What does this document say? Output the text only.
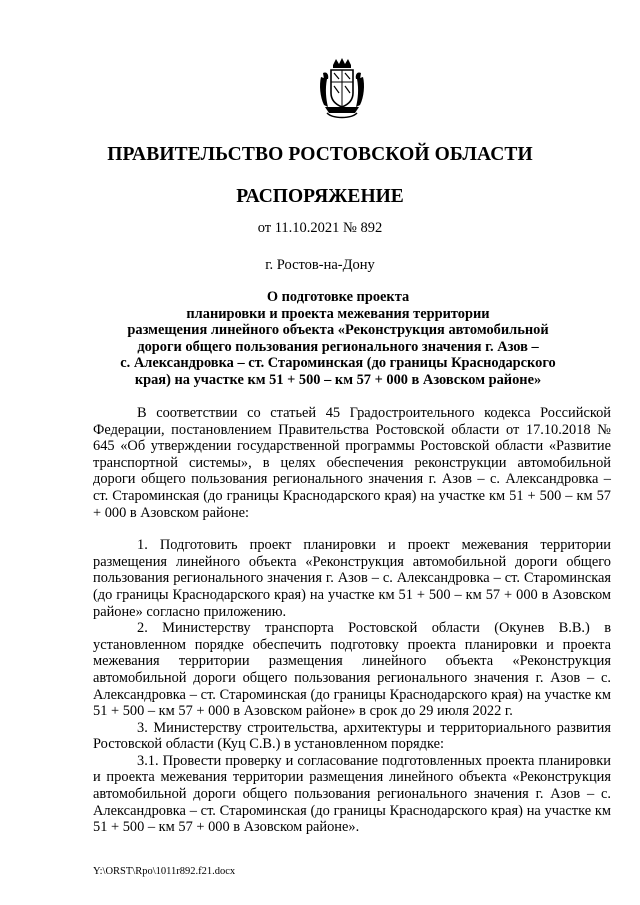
ПРАВИТЕЛЬСТВО РОСТОВСКОЙ ОБЛАСТИ
РАСПОРЯЖЕНИЕ

от 11.10.2021 № 892

г. Ростов-на-Дону

О подготовке проекта
планировки и проекта межевания территории
размещения линейного объекта «Реконструкция автомобильной
дороги общего пользования регионального значения г. Азов –
с. Александровка – ст. Староминская (до границы Краснодарского
края) на участке км 51 + 500 – км 57 + 000 в Азовском районе»

В соответствии со статьей 45 Градостроительного кодекса Российской Федерации, постановлением Правительства Ростовской области от 17.10.2018 № 645 «Об утверждении государственной программы Ростовской области «Развитие транспортной системы», в целях обеспечения реконструкции автомобильной дороги общего пользования регионального значения г. Азов – с. Александровка – ст. Староминская (до границы Краснодарского края) на участке км 51 + 500 – км 57 + 000 в Азовском районе:

1. Подготовить проект планировки и проект межевания территории размещения линейного объекта «Реконструкция автомобильной дороги общего пользования регионального значения г. Азов – с. Александровка – ст. Староминская (до границы Краснодарского края) на участке км 51 + 500 – км 57 + 000 в Азовском районе» согласно приложению.

2. Министерству транспорта Ростовской области (Окунев В.В.) в установленном порядке обеспечить подготовку проекта планировки и проекта межевания территории размещения линейного объекта «Реконструкция автомобильной дороги общего пользования регионального значения г. Азов – с. Александровка – ст. Староминская (до границы Краснодарского края) на участке км 51 + 500 – км 57 + 000 в Азовском районе» в срок до 29 июля 2022 г.

3. Министерству строительства, архитектуры и территориального развития Ростовской области (Куц С.В.) в установленном порядке:

3.1. Провести проверку и согласование подготовленных проекта планировки и проекта межевания территории размещения линейного объекта «Реконструкция автомобильной дороги общего пользования регионального значения г. Азов – с. Александровка – ст. Староминская (до границы Краснодарского края) на участке км 51 + 500 – км 57 + 000 в Азовском районе».

Y:\ORST\Rpo\1011r892.f21.docx
